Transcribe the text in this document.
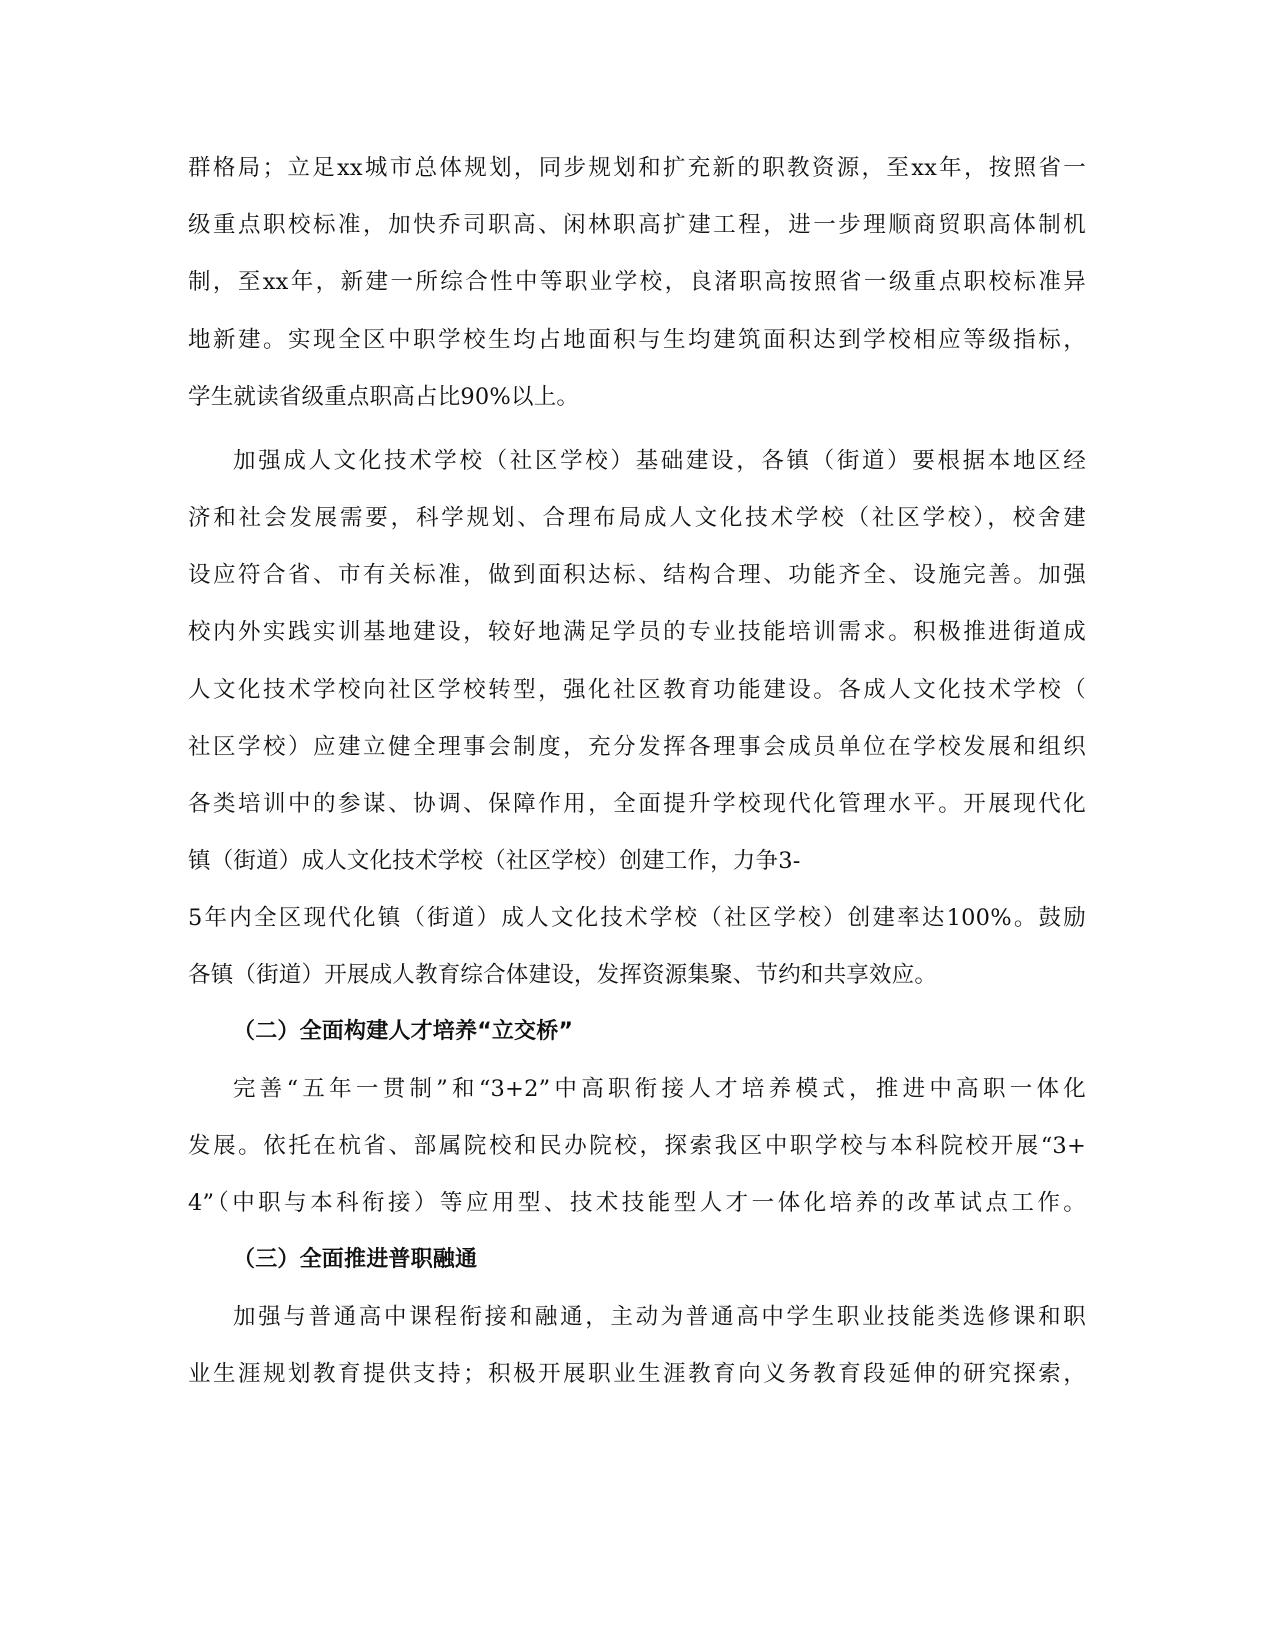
群格局；立足xx城市总体规划，同步规划和扩充新的职教资源，至xx年，按照省一
级重点职校标准，加快乔司职高、闲林职高扩建工程，进一步理顺商贸职高体制机
制，至xx年，新建一所综合性中等职业学校，良渚职高按照省一级重点职校标准异
地新建。实现全区中职学校生均占地面积与生均建筑面积达到学校相应等级指标，
学生就读省级重点职高占比90%以上。
加强成人文化技术学校（社区学校）基础建设，各镇（街道）要根据本地区经
济和社会发展需要，科学规划、合理布局成人文化技术学校（社区学校），校舍建
设应符合省、市有关标准，做到面积达标、结构合理、功能齐全、设施完善。加强
校内外实践实训基地建设，较好地满足学员的专业技能培训需求。积极推进街道成
人文化技术学校向社区学校转型，强化社区教育功能建设。各成人文化技术学校（
社区学校）应建立健全理事会制度，充分发挥各理事会成员单位在学校发展和组织
各类培训中的参谋、协调、保障作用，全面提升学校现代化管理水平。开展现代化
镇（街道）成人文化技术学校（社区学校）创建工作，力争3-
5年内全区现代化镇（街道）成人文化技术学校（社区学校）创建率达100%。鼓励
各镇（街道）开展成人教育综合体建设，发挥资源集聚、节约和共享效应。
（二）全面构建人才培养“立交桥”
完善“五年一贯制”和“3+2”中高职衔接人才培养模式，推进中高职一体化
发展。依托在杭省、部属院校和民办院校，探索我区中职学校与本科院校开展“3+
4”（中职与本科衔接）等应用型、技术技能型人才一体化培养的改革试点工作。
（三）全面推进普职融通
加强与普通高中课程衔接和融通，主动为普通高中学生职业技能类选修课和职
业生涯规划教育提供支持；积极开展职业生涯教育向义务教育段延伸的研究探索，
